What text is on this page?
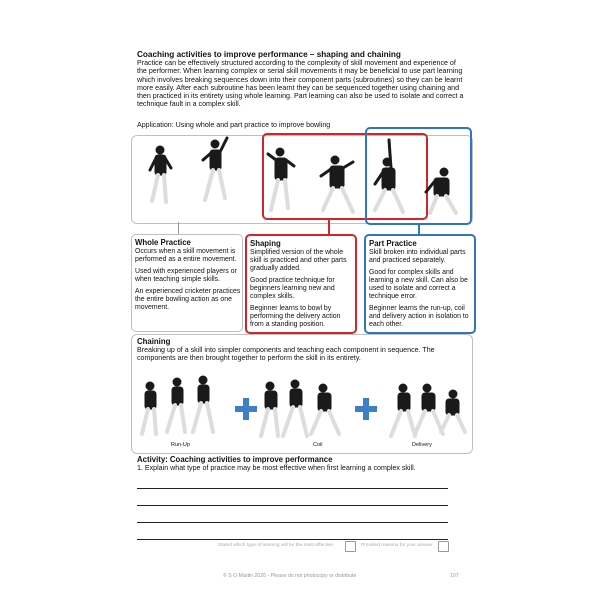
Coaching activities to improve performance – shaping and chaining
Practice can be effectively structured according to the complexity of skill movement and experience of the performer. When learning complex or serial skill movements it may be beneficial to use part learning which involves breaking sequences down into their component parts (subroutines) so they can be learnt more easily. After each subroutine has been learnt they can be sequenced together using chaining and then practiced in its entirety using whole learning. Part learning can also be used to isolate and correct a technique fault in a complex skill.
Application: Using whole and part practice to improve bowling
Whole Practice

Occurs when a skill movement is performed as a entire movement.

Used with experienced players or when teaching simple skills.

An experienced cricketer practices the entire bowling action as one movement.

Shaping

Simplified version of the whole skill is practiced and other parts gradually added.

Good practice technique for beginners learning new and complex skills.

Beginner learns to bowl by performing the delivery action from a standing position.

Part Practice

Skill broken into individual parts and practiced separately.

Good for complex skills and learning a new skill. Can also be used to isolate and correct a technique error.

Beginner learns the run-up, coil and delivery action in isolation to each other.

Chaining
Breaking up of a skill into simpler components and teaching each component in sequence. The components are then brought together to perform the skill in its entirety.
Run-Up	Coil	Delivery
Activity: Coaching activities to improve performance
1. Explain what type of practice may be most effective when first learning a complex skill.
Stated which type of learning will be the most effective	Provided reasons for your answer
© S O Martin 2026 - Please do not photocopy or distribute	107
